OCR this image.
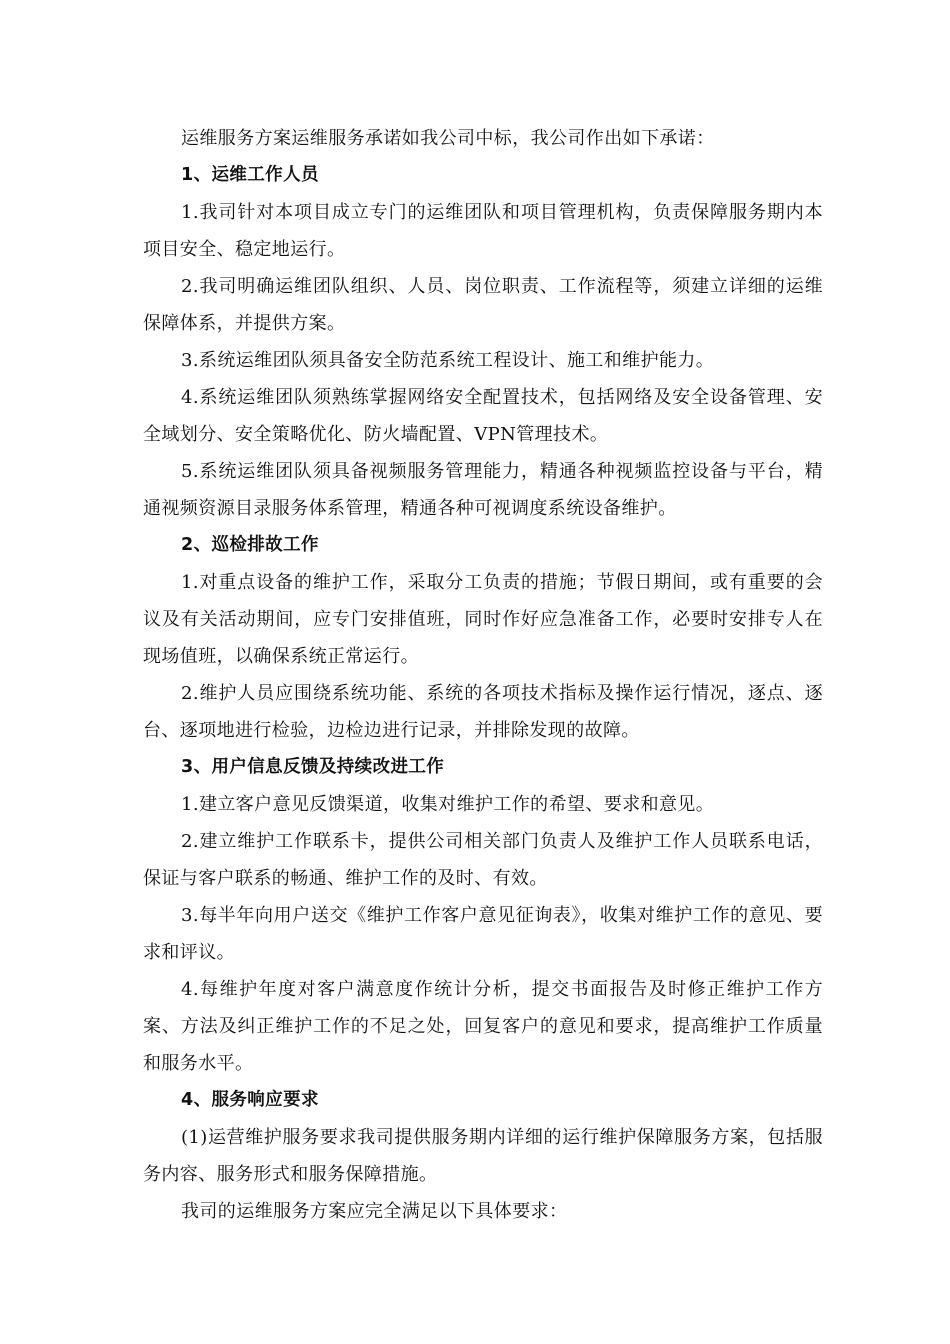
运维服务方案运维服务承诺如我公司中标，我公司作出如下承诺：

1、运维工作人员

1.我司针对本项目成立专门的运维团队和项目管理机构，负责保障服务期内本项目安全、稳定地运行。

2.我司明确运维团队组织、人员、岗位职责、工作流程等，须建立详细的运维保障体系，并提供方案。

3.系统运维团队须具备安全防范系统工程设计、施工和维护能力。

4.系统运维团队须熟练掌握网络安全配置技术，包括网络及安全设备管理、安全域划分、安全策略优化、防火墙配置、VPN管理技术。

5.系统运维团队须具备视频服务管理能力，精通各种视频监控设备与平台，精通视频资源目录服务体系管理，精通各种可视调度系统设备维护。

2、巡检排故工作

1.对重点设备的维护工作，采取分工负责的措施；节假日期间，或有重要的会议及有关活动期间，应专门安排值班，同时作好应急准备工作，必要时安排专人在现场值班，以确保系统正常运行。

2.维护人员应围绕系统功能、系统的各项技术指标及操作运行情况，逐点、逐台、逐项地进行检验，边检边进行记录，并排除发现的故障。

3、用户信息反馈及持续改进工作

1.建立客户意见反馈渠道，收集对维护工作的希望、要求和意见。

2.建立维护工作联系卡，提供公司相关部门负责人及维护工作人员联系电话，保证与客户联系的畅通、维护工作的及时、有效。

3.每半年向用户送交《维护工作客户意见征询表》，收集对维护工作的意见、要求和评议。

4.每维护年度对客户满意度作统计分析，提交书面报告及时修正维护工作方案、方法及纠正维护工作的不足之处，回复客户的意见和要求，提高维护工作质量和服务水平。

4、服务响应要求

(1)运营维护服务要求我司提供服务期内详细的运行维护保障服务方案，包括服务内容、服务形式和服务保障措施。

我司的运维服务方案应完全满足以下具体要求：
